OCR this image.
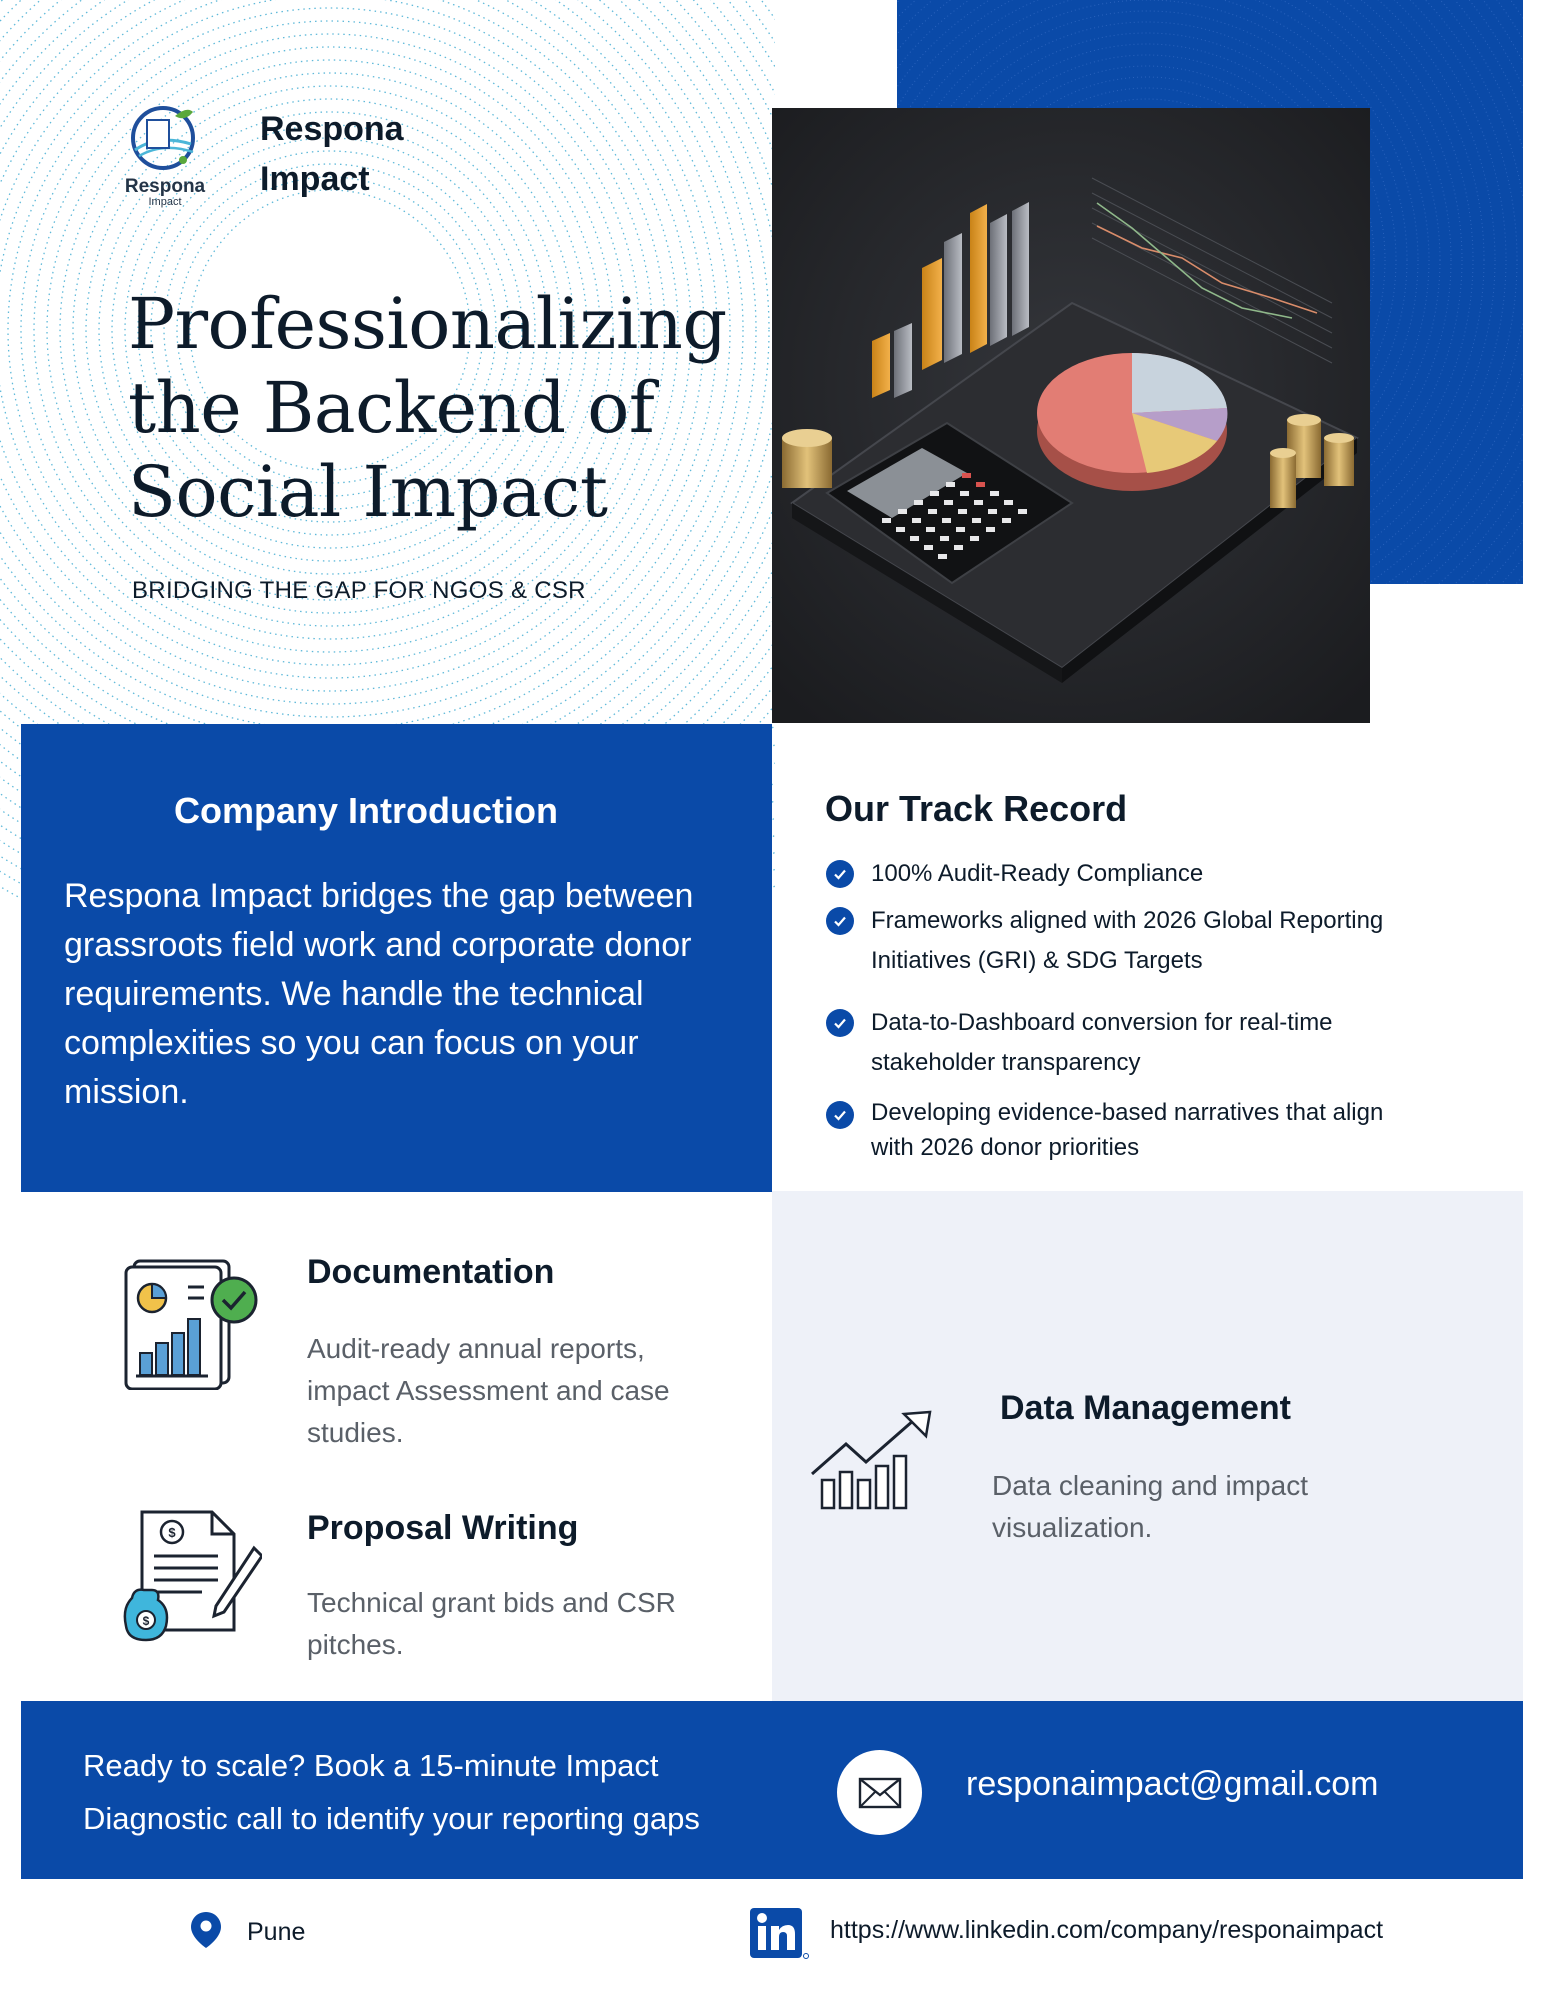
Respona
Impact
Respona
Impact
Professionalizing
the Backend of
Social Impact
BRIDGING THE GAP FOR NGOS & CSR
Company Introduction

Respona Impact bridges the gap between grassroots field work and corporate donor requirements. We handle the technical complexities so you can focus on your mission.

Our Track Record
100% Audit-Ready Compliance
Frameworks aligned with 2026 Global Reporting Initiatives (GRI) & SDG Targets
Data-to-Dashboard conversion for real-time stakeholder transparency
Developing evidence-based narratives that align with 2026 donor priorities
Documentation
Audit-ready annual reports, impact Assessment and case studies.
$
$
Proposal Writing
Technical grant bids and CSR pitches.
Data Management
Data cleaning and impact visualization.
Ready to scale? Book a 15-minute Impact
Diagnostic call to identify your reporting gaps
responaimpact@gmail.com
Pune	https://www.linkedin.com/company/responaimpact
